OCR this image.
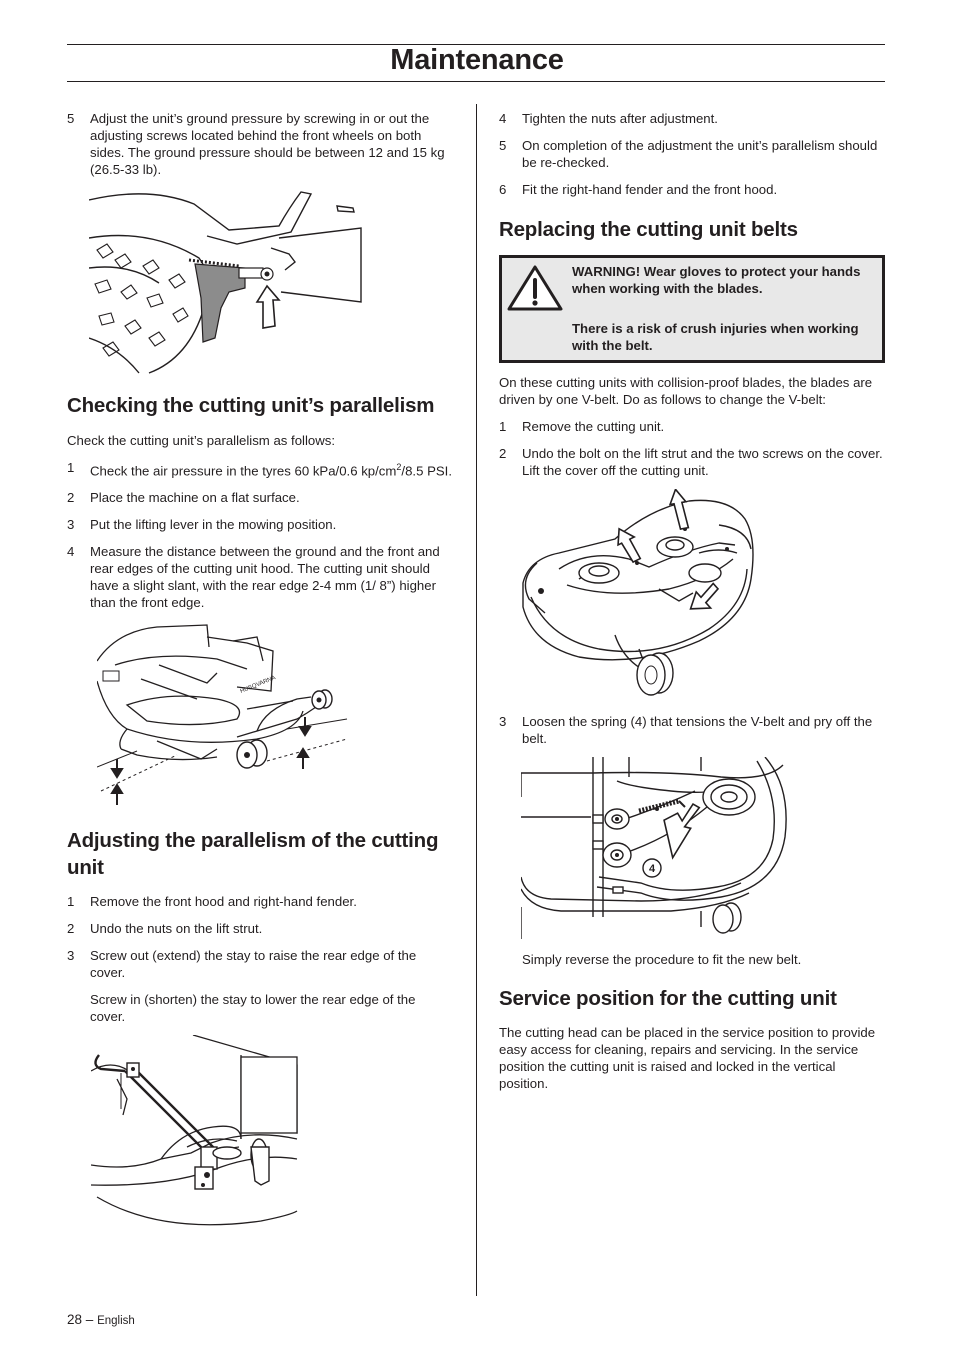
Maintenance
5	Adjust the unit’s ground pressure by screwing in or out the adjusting screws located behind the front wheels on both sides. The ground pressure should be between 12 and 15 kg (26.5-33 lb).
Checking the cutting unit’s parallelism

Check the cutting unit’s parallelism as follows:

1	Check the air pressure in the tyres 60 kPa/0.6 $kp/cm^2/8.5$ PSI.
2	Place the machine on a flat surface.
3	Put the lifting lever in the mowing position.
4	Measure the distance between the ground and the front and rear edges of the cutting unit hood. The cutting unit should have a slight slant, with the rear edge 2-4 mm (1/ 8”) higher than the front edge.
HUSQVARNA
Adjusting the parallelism of the cutting unit
1	Remove the front hood and right-hand fender.
2	Undo the nuts on the lift strut.
3	Screw out (extend) the stay to raise the rear edge of the cover.

Screw in (shorten) the stay to lower the rear edge of the cover.

4	Tighten the nuts after adjustment.
5	On completion of the adjustment the unit’s parallelism should be re-checked.
6	Fit the right-hand fender and the front hood.
Replacing the cutting unit belts

WARNING! Wear gloves to protect your hands when working with the blades.

There is a risk of crush injuries when working with the belt.

On these cutting units with collision-proof blades, the blades are driven by one V-belt. Do as follows to change the V-belt:

1	Remove the cutting unit.
2	Undo the bolt on the lift strut and the two screws on the cover. Lift the cover off the cutting unit.
3	Loosen the spring (4) that tensions the V-belt and pry off the belt.
4

Simply reverse the procedure to fit the new belt.

Service position for the cutting unit

The cutting head can be placed in the service position to provide easy access for cleaning, repairs and servicing. In the service position the cutting unit is raised and locked in the vertical position.

28 – English
